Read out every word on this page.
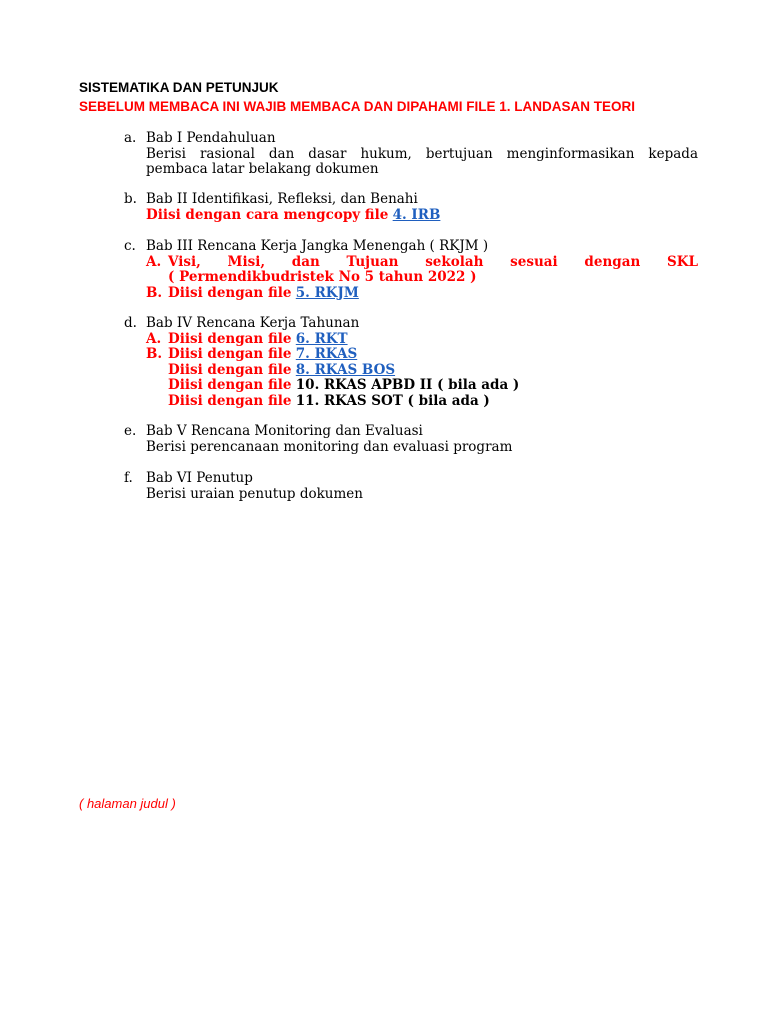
SISTEMATIKA DAN PETUNJUK
SEBELUM MEMBACA INI WAJIB MEMBACA DAN DIPAHAMI FILE 1. LANDASAN TEORI
a. Bab I Pendahuluan
Berisi rasional dan dasar hukum, bertujuan menginformasikan kepada
pembaca latar belakang dokumen
b. Bab II Identifikasi, Refleksi, dan Benahi
Diisi dengan cara mengcopy file 4. IRB
c. Bab III Rencana Kerja Jangka Menengah ( RKJM )
A. Visi, Misi, dan Tujuan sekolah sesuai dengan SKL
( Permendikbudristek No 5 tahun 2022 )
B. Diisi dengan file 5. RKJM
d. Bab IV Rencana Kerja Tahunan
A. Diisi dengan file 6. RKT
B. Diisi dengan file 7. RKAS
Diisi dengan file 8. RKAS BOS
Diisi dengan file 10. RKAS APBD II ( bila ada )
Diisi dengan file 11. RKAS SOT ( bila ada )
e. Bab V Rencana Monitoring dan Evaluasi
Berisi perencanaan monitoring dan evaluasi program
f. Bab VI Penutup
Berisi uraian penutup dokumen
( halaman judul )
